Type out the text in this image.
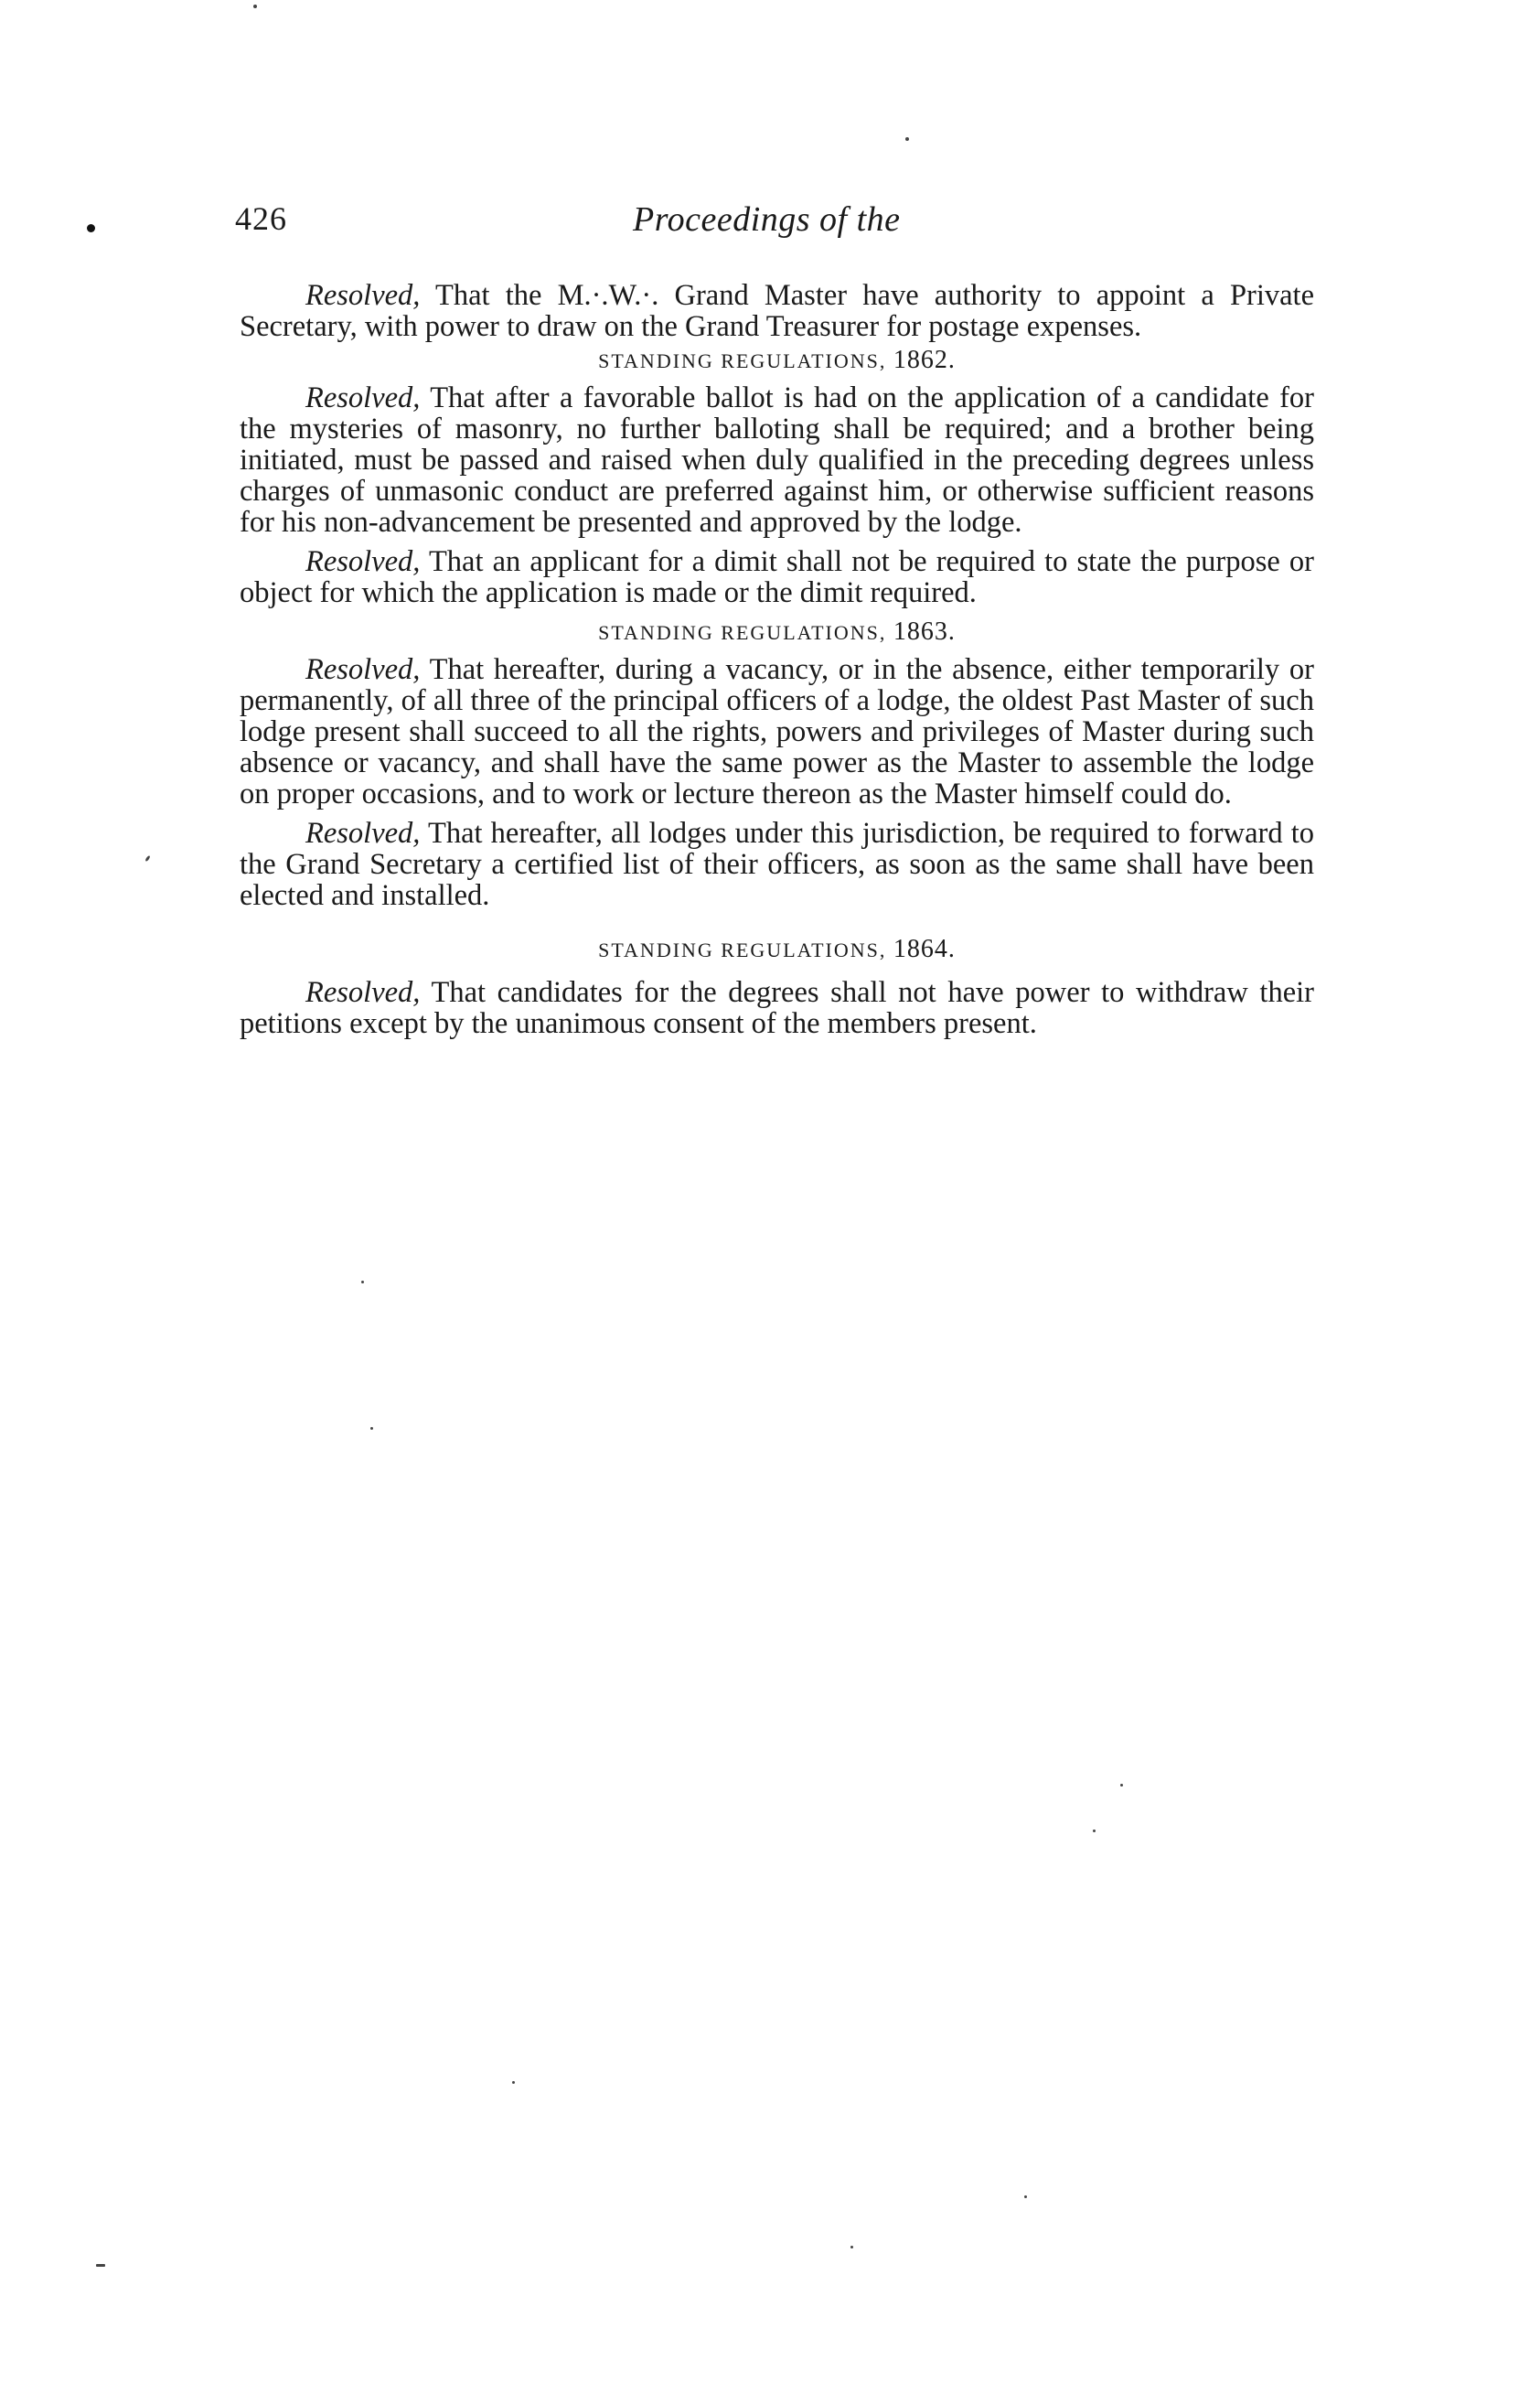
426	Proceedings of the

Resolved, That the M.·.W.·. Grand Master have authority to appoint a Private Secretary, with power to draw on the Grand Treasurer for postage expenses.

STANDING REGULATIONS, 1862.

Resolved, That after a favorable ballot is had on the application of a candidate for the mysteries of masonry, no further balloting shall be required; and a brother being initiated, must be passed and raised when duly qualified in the preceding degrees unless charges of unmasonic conduct are preferred against him, or otherwise sufficient reasons for his non-advancement be presented and approved by the lodge.

Resolved, That an applicant for a dimit shall not be required to state the purpose or object for which the application is made or the dimit required.

STANDING REGULATIONS, 1863.

Resolved, That hereafter, during a vacancy, or in the absence, either temporarily or permanently, of all three of the principal officers of a lodge, the oldest Past Master of such lodge present shall succeed to all the rights, powers and privileges of Master during such absence or vacancy, and shall have the same power as the Master to assemble the lodge on proper occasions, and to work or lecture thereon as the Master himself could do.

Resolved, That hereafter, all lodges under this jurisdiction, be required to forward to the Grand Secretary a certified list of their officers, as soon as the same shall have been elected and installed.

STANDING REGULATIONS, 1864.

Resolved, That candidates for the degrees shall not have power to withdraw their petitions except by the unanimous consent of the members present.
